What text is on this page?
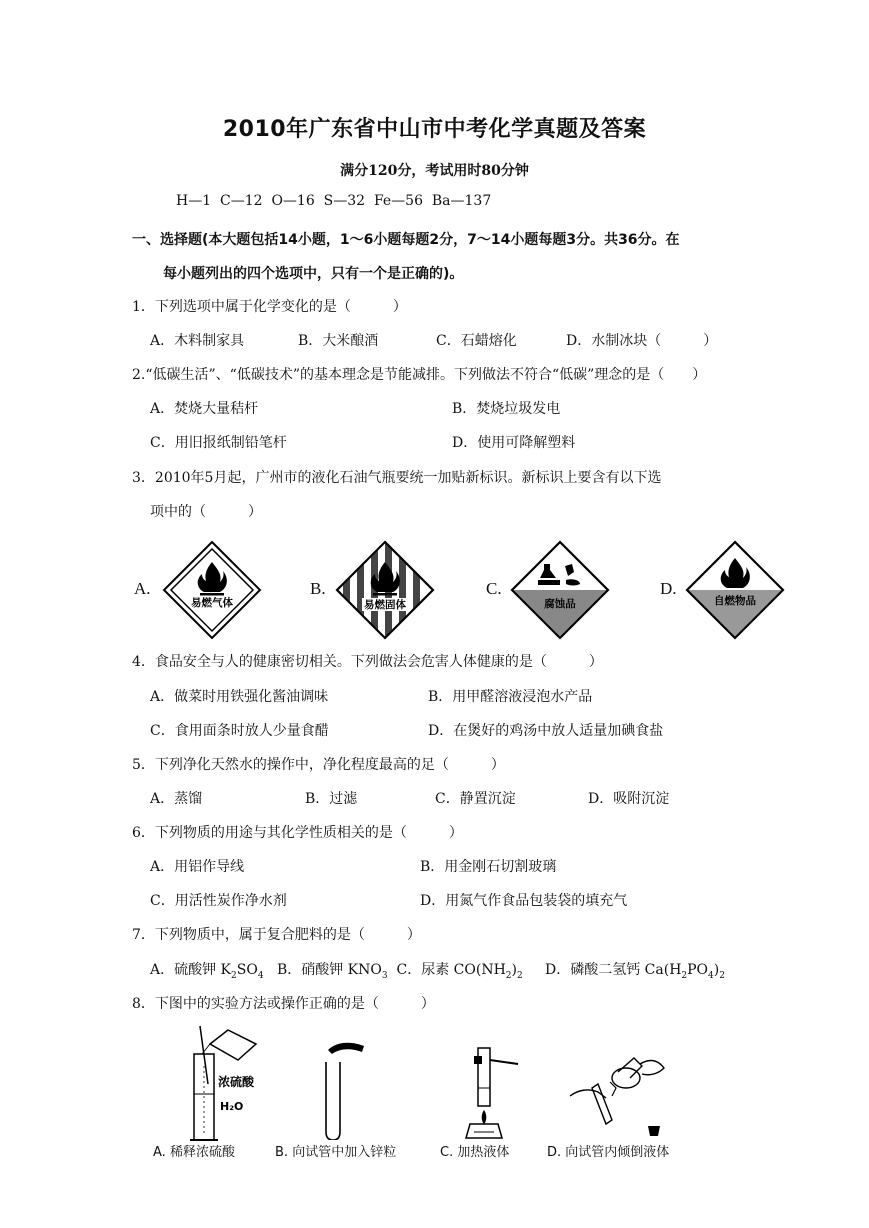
2010年广东省中山市中考化学真题及答案
满分120分，考试用时80分钟
H—1  C—12  O—16  S—32  Fe—56  Ba—137
一、选择题(本大题包括14小题，1～6小题每题2分，7～14小题每题3分。共36分。在
每小题列出的四个选项中，只有一个是正确的)。
1．下列选项中属于化学变化的是（　　　）
A．木料制家具	B．大米酿酒	C．石蜡熔化	D．水制冰块（　　　）
2.“低碳生活”、“低碳技术”的基本理念是节能减排。下列做法不符合“低碳”理念的是（　　）
A．焚烧大量秸杆	B．焚烧垃圾发电
C．用旧报纸制铅笔杆	D．使用可降解塑料
3．2010年5月起，广州市的液化石油气瓶要统一加贴新标识。新标识上要含有以下选
项中的（　　　）
A.
易燃气体
B.
易燃固体
C.
腐蚀品
D.
自燃物品
4．食品安全与人的健康密切相关。下列做法会危害人体健康的是（　　　）
A．做菜时用铁强化酱油调味	B．用甲醛溶液浸泡水产品
C．食用面条时放人少量食醋	D．在煲好的鸡汤中放人适量加碘食盐
5．下列净化天然水的操作中，净化程度最高的足（　　　）
A．蒸馏	B．过滤	C．静置沉淀	D．吸附沉淀
6．下列物质的用途与其化学性质相关的是（　　　）
A．用铝作导线	B．用金刚石切割玻璃
C．用活性炭作净水剂	D．用氮气作食品包装袋的填充气
7．下列物质中，属于复合肥料的是（　　　）
A．硫酸钾 $K_2SO_4$ B．硝酸钾 $KNO_3$ C．尿素 $CO(NH_2)_2$ D．磷酸二氢钙 $Ca(H_2PO_4)_2$
8．下图中的实验方法或操作正确的是（　　　）
浓硫酸
H₂O
A. 稀释浓硫酸	B. 向试管中加入锌粒	C. 加热液体	D. 向试管内倾倒液体
